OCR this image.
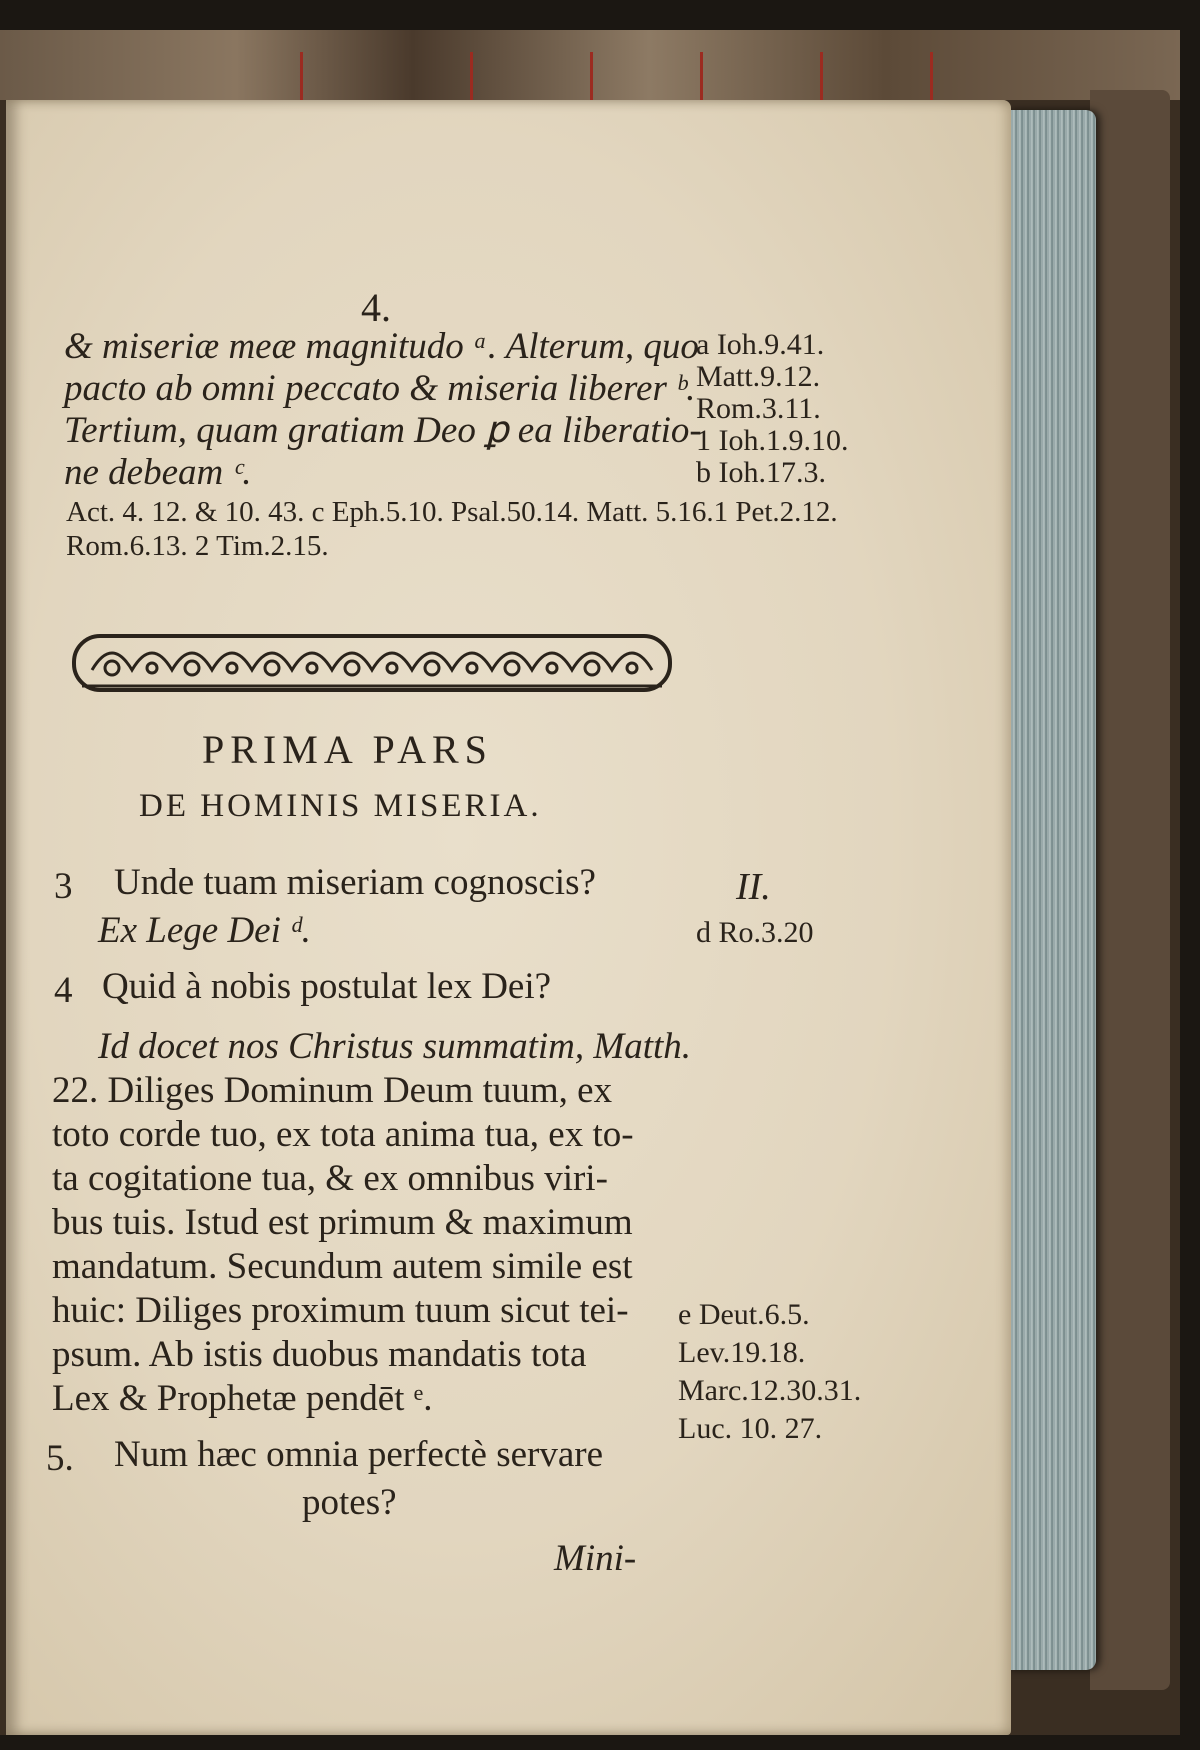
4.
& miseriæ meæ magnitudo ᵃ. Alterum, quo
pacto ab omni peccato & miseria liberer ᵇ.
Tertium, quam gratiam Deo ꝑ ea liberatio-
ne debeam ᶜ.
a Ioh.9.41.
Matt.9.12.
Rom.3.11.
1 Ioh.1.9.10.
b Ioh.17.3.
Act. 4. 12. & 10. 43. c Eph.5.10. Psal.50.14. Matt. 5.16.1 Pet.2.12.
Rom.6.13. 2 Tim.2.15.
PRIMA PARS
DE HOMINIS MISERIA.
3 Unde tuam miseriam cognoscis?	II.
Ex Lege Dei ᵈ.	d Ro.3.20
4 Quid à nobis postulat lex Dei?
Id docet nos Christus summatim, Matth.
22. Diliges Dominum Deum tuum, ex
toto corde tuo, ex tota anima tua, ex to-
ta cogitatione tua, & ex omnibus viri-
bus tuis. Istud est primum & maximum
mandatum. Secundum autem simile est
huic: Diliges proximum tuum sicut tei-
psum. Ab istis duobus mandatis tota
Lex & Prophetæ pendēt ᵉ.
e Deut.6.5.
Lev.19.18.
Marc.12.30.31.
Luc. 10. 27.
5. Num hæc omnia perfectè servare
potes?
Mini-
